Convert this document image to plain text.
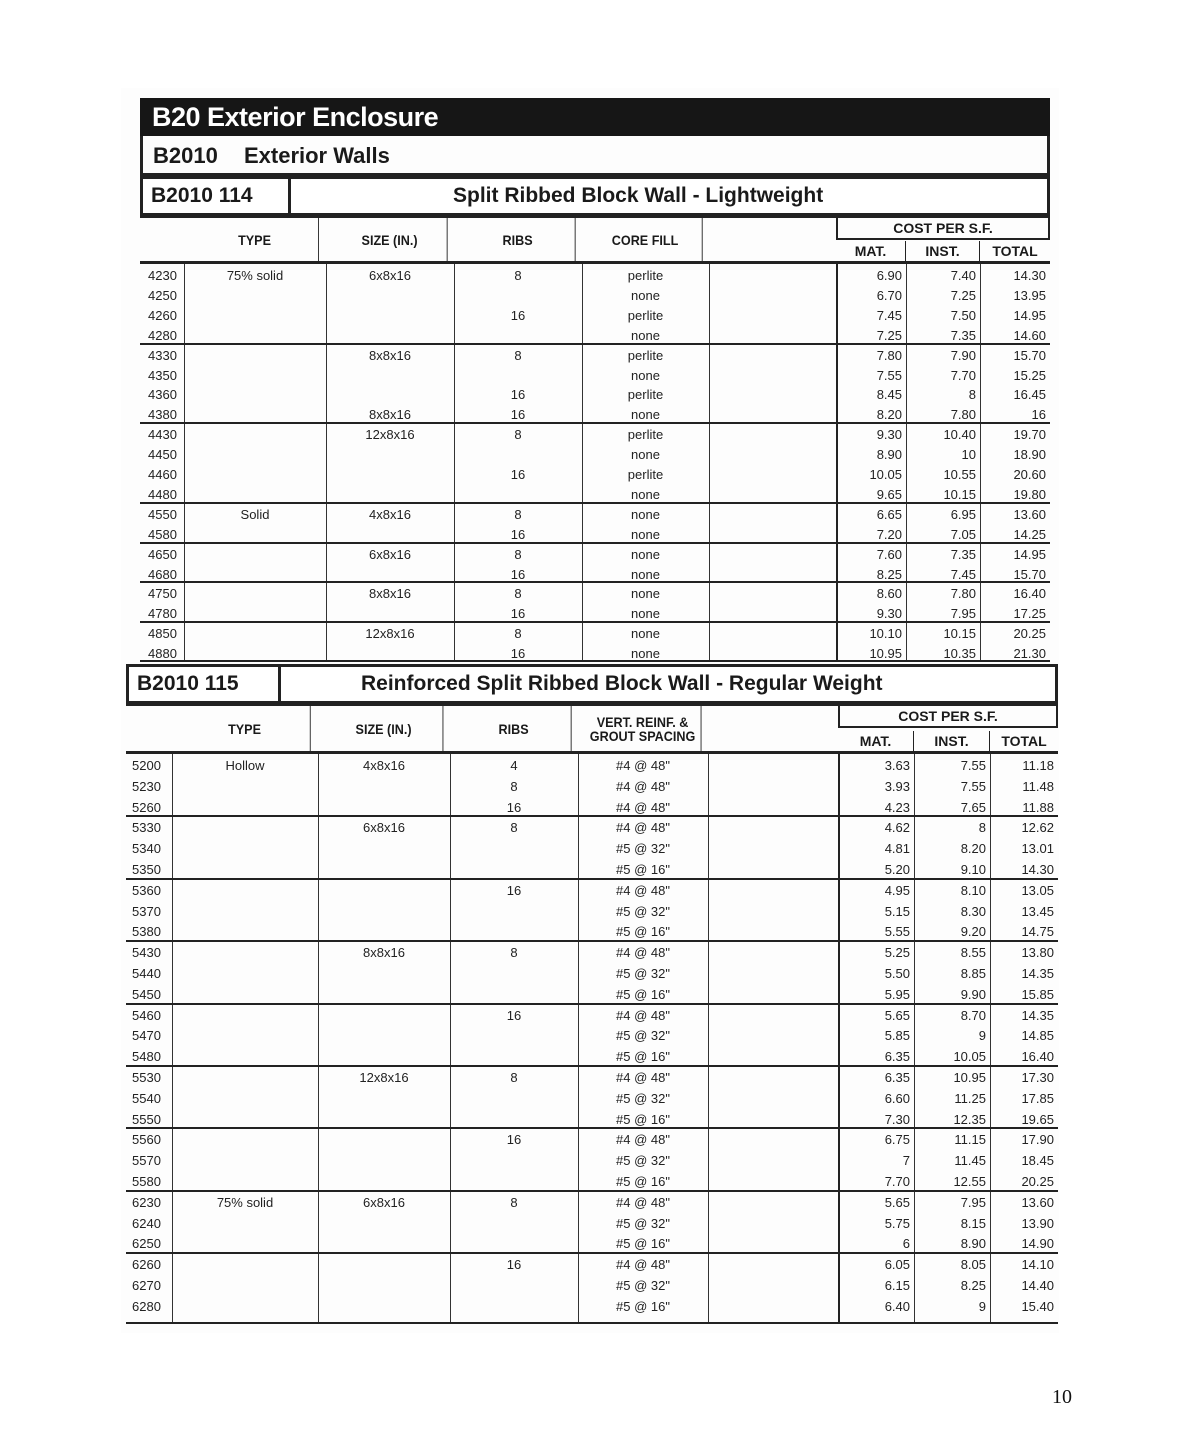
B20 Exterior Enclosure
B2010 Exterior Walls
B2010 114	Split Ribbed Block Wall - Lightweight
TYPE	SIZE (IN.)	RIBS	CORE FILL
COST PER S.F.
MAT.	INST.	TOTAL
4230	75% solid	6x8x16	8	perlite	6.90	7.40	14.30
4250	none	6.70	7.25	13.95
4260	16	perlite	7.45	7.50	14.95
4280	none	7.25	7.35	14.60
4330	8x8x16	8	perlite	7.80	7.90	15.70
4350	none	7.55	7.70	15.25
4360	16	perlite	8.45	8	16.45
4380	8x8x16	16	none	8.20	7.80	16
4430	12x8x16	8	perlite	9.30	10.40	19.70
4450	none	8.90	10	18.90
4460	16	perlite	10.05	10.55	20.60
4480	none	9.65	10.15	19.80
4550	Solid	4x8x16	8	none	6.65	6.95	13.60
4580	16	none	7.20	7.05	14.25
4650	6x8x16	8	none	7.60	7.35	14.95
4680	16	none	8.25	7.45	15.70
4750	8x8x16	8	none	8.60	7.80	16.40
4780	16	none	9.30	7.95	17.25
4850	12x8x16	8	none	10.10	10.15	20.25
4880	16	none	10.95	10.35	21.30
B2010 115	Reinforced Split Ribbed Block Wall - Regular Weight
TYPE	SIZE (IN.)	RIBS	VERT. REINF. & GROUT SPACING
COST PER S.F.
MAT.	INST.	TOTAL
5200	Hollow	4x8x16	4	#4 @ 48"	3.63	7.55	11.18
5230	8	#4 @ 48"	3.93	7.55	11.48
5260	16	#4 @ 48"	4.23	7.65	11.88
5330	6x8x16	8	#4 @ 48"	4.62	8	12.62
5340	#5 @ 32"	4.81	8.20	13.01
5350	#5 @ 16"	5.20	9.10	14.30
5360	16	#4 @ 48"	4.95	8.10	13.05
5370	#5 @ 32"	5.15	8.30	13.45
5380	#5 @ 16"	5.55	9.20	14.75
5430	8x8x16	8	#4 @ 48"	5.25	8.55	13.80
5440	#5 @ 32"	5.50	8.85	14.35
5450	#5 @ 16"	5.95	9.90	15.85
5460	16	#4 @ 48"	5.65	8.70	14.35
5470	#5 @ 32"	5.85	9	14.85
5480	#5 @ 16"	6.35	10.05	16.40
5530	12x8x16	8	#4 @ 48"	6.35	10.95	17.30
5540	#5 @ 32"	6.60	11.25	17.85
5550	#5 @ 16"	7.30	12.35	19.65
5560	16	#4 @ 48"	6.75	11.15	17.90
5570	#5 @ 32"	7	11.45	18.45
5580	#5 @ 16"	7.70	12.55	20.25
6230	75% solid	6x8x16	8	#4 @ 48"	5.65	7.95	13.60
6240	#5 @ 32"	5.75	8.15	13.90
6250	#5 @ 16"	6	8.90	14.90
6260	16	#4 @ 48"	6.05	8.05	14.10
6270	#5 @ 32"	6.15	8.25	14.40
6280	#5 @ 16"	6.40	9	15.40
10
